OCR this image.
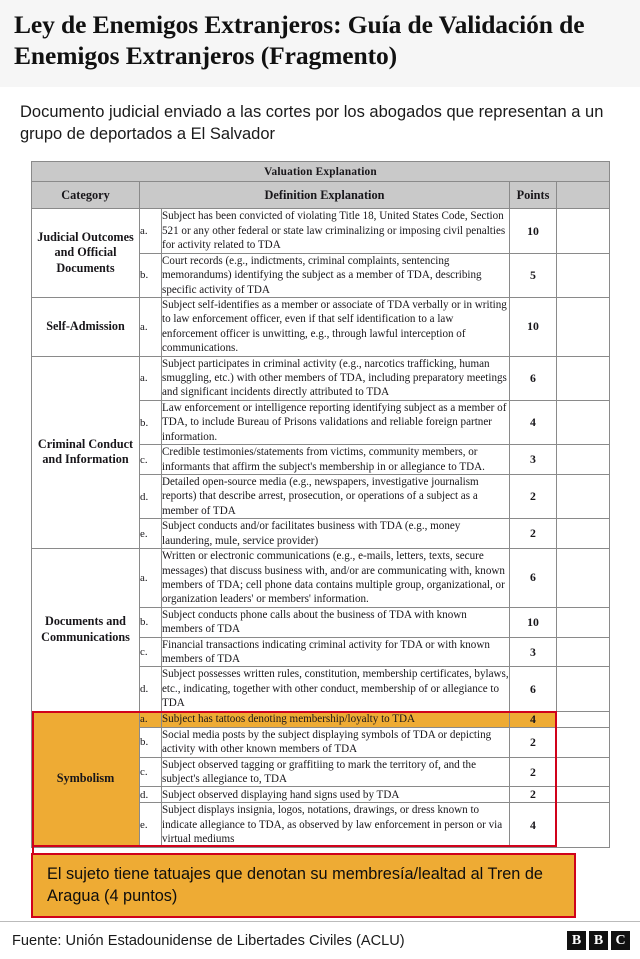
Ley de Enemigos Extranjeros: Guía de Validación de Enemigos Extranjeros (Fragmento)

Documento judicial enviado a las cortes por los abogados que representan a un grupo de deportados a El Salvador

Valuation Explanation				
Category	Definition Explanation		Points	
Judicial Outcomes and Official Documents	a.	Subject has been convicted of violating Title 18, United States Code, Section 521 or any other federal or state law criminalizing or imposing civil penalties for activity related to TDA	10	
	b.	Court records (e.g., indictments, criminal complaints, sentencing memorandums) identifying the subject as a member of TDA, describing specific activity of TDA	5	
Self-Admission	a.	Subject self-identifies as a member or associate of TDA verbally or in writing to law enforcement officer, even if that self identification to a law enforcement officer is unwitting, e.g., through lawful interception of communications.	10	
Criminal Conduct and Information	a.	Subject participates in criminal activity (e.g., narcotics trafficking, human smuggling, etc.) with other members of TDA, including preparatory meetings and significant incidents directly attributed to TDA	6	
	b.	Law enforcement or intelligence reporting identifying subject as a member of TDA, to include Bureau of Prisons validations and reliable foreign partner information.	4	
	c.	Credible testimonies/statements from victims, community members, or informants that affirm the subject's membership in or allegiance to TDA.	3	
	d.	Detailed open-source media (e.g., newspapers, investigative journalism reports) that describe arrest, prosecution, or operations of a subject as a member of TDA	2	
	e.	Subject conducts and/or facilitates business with TDA (e.g., money laundering, mule, service provider)	2	
Documents and Communications	a.	Written or electronic communications (e.g., e-mails, letters, texts, secure messages) that discuss business with, and/or are communicating with, known members of TDA; cell phone data contains multiple group, organizational, or organization leaders' or members' information.	6	
	b.	Subject conducts phone calls about the business of TDA with known members of TDA	10	
	c.	Financial transactions indicating criminal activity for TDA or with known members of TDA	3	
	d.	Subject possesses written rules, constitution, membership certificates, bylaws, etc., indicating, together with other conduct, membership of or allegiance to TDA	6	
Symbolism	a.	Subject has tattoos denoting membership/loyalty to TDA	4	
	b.	Social media posts by the subject displaying symbols of TDA or depicting activity with other known members of TDA	2	
	c.	Subject observed tagging or graffitiing to mark the territory of, and the subject's allegiance to, TDA	2	
	d.	Subject observed displaying hand signs used by TDA	2	
	e.	Subject displays insignia, logos, notations, drawings, or dress known to indicate allegiance to TDA, as observed by law enforcement in person or via virtual mediums	4	

El sujeto tiene tatuajes que denotan su membresía/lealtad al Tren de Aragua (4 puntos)

Fuente: Unión Estadounidense de Libertades Civiles (ACLU)	B B C
